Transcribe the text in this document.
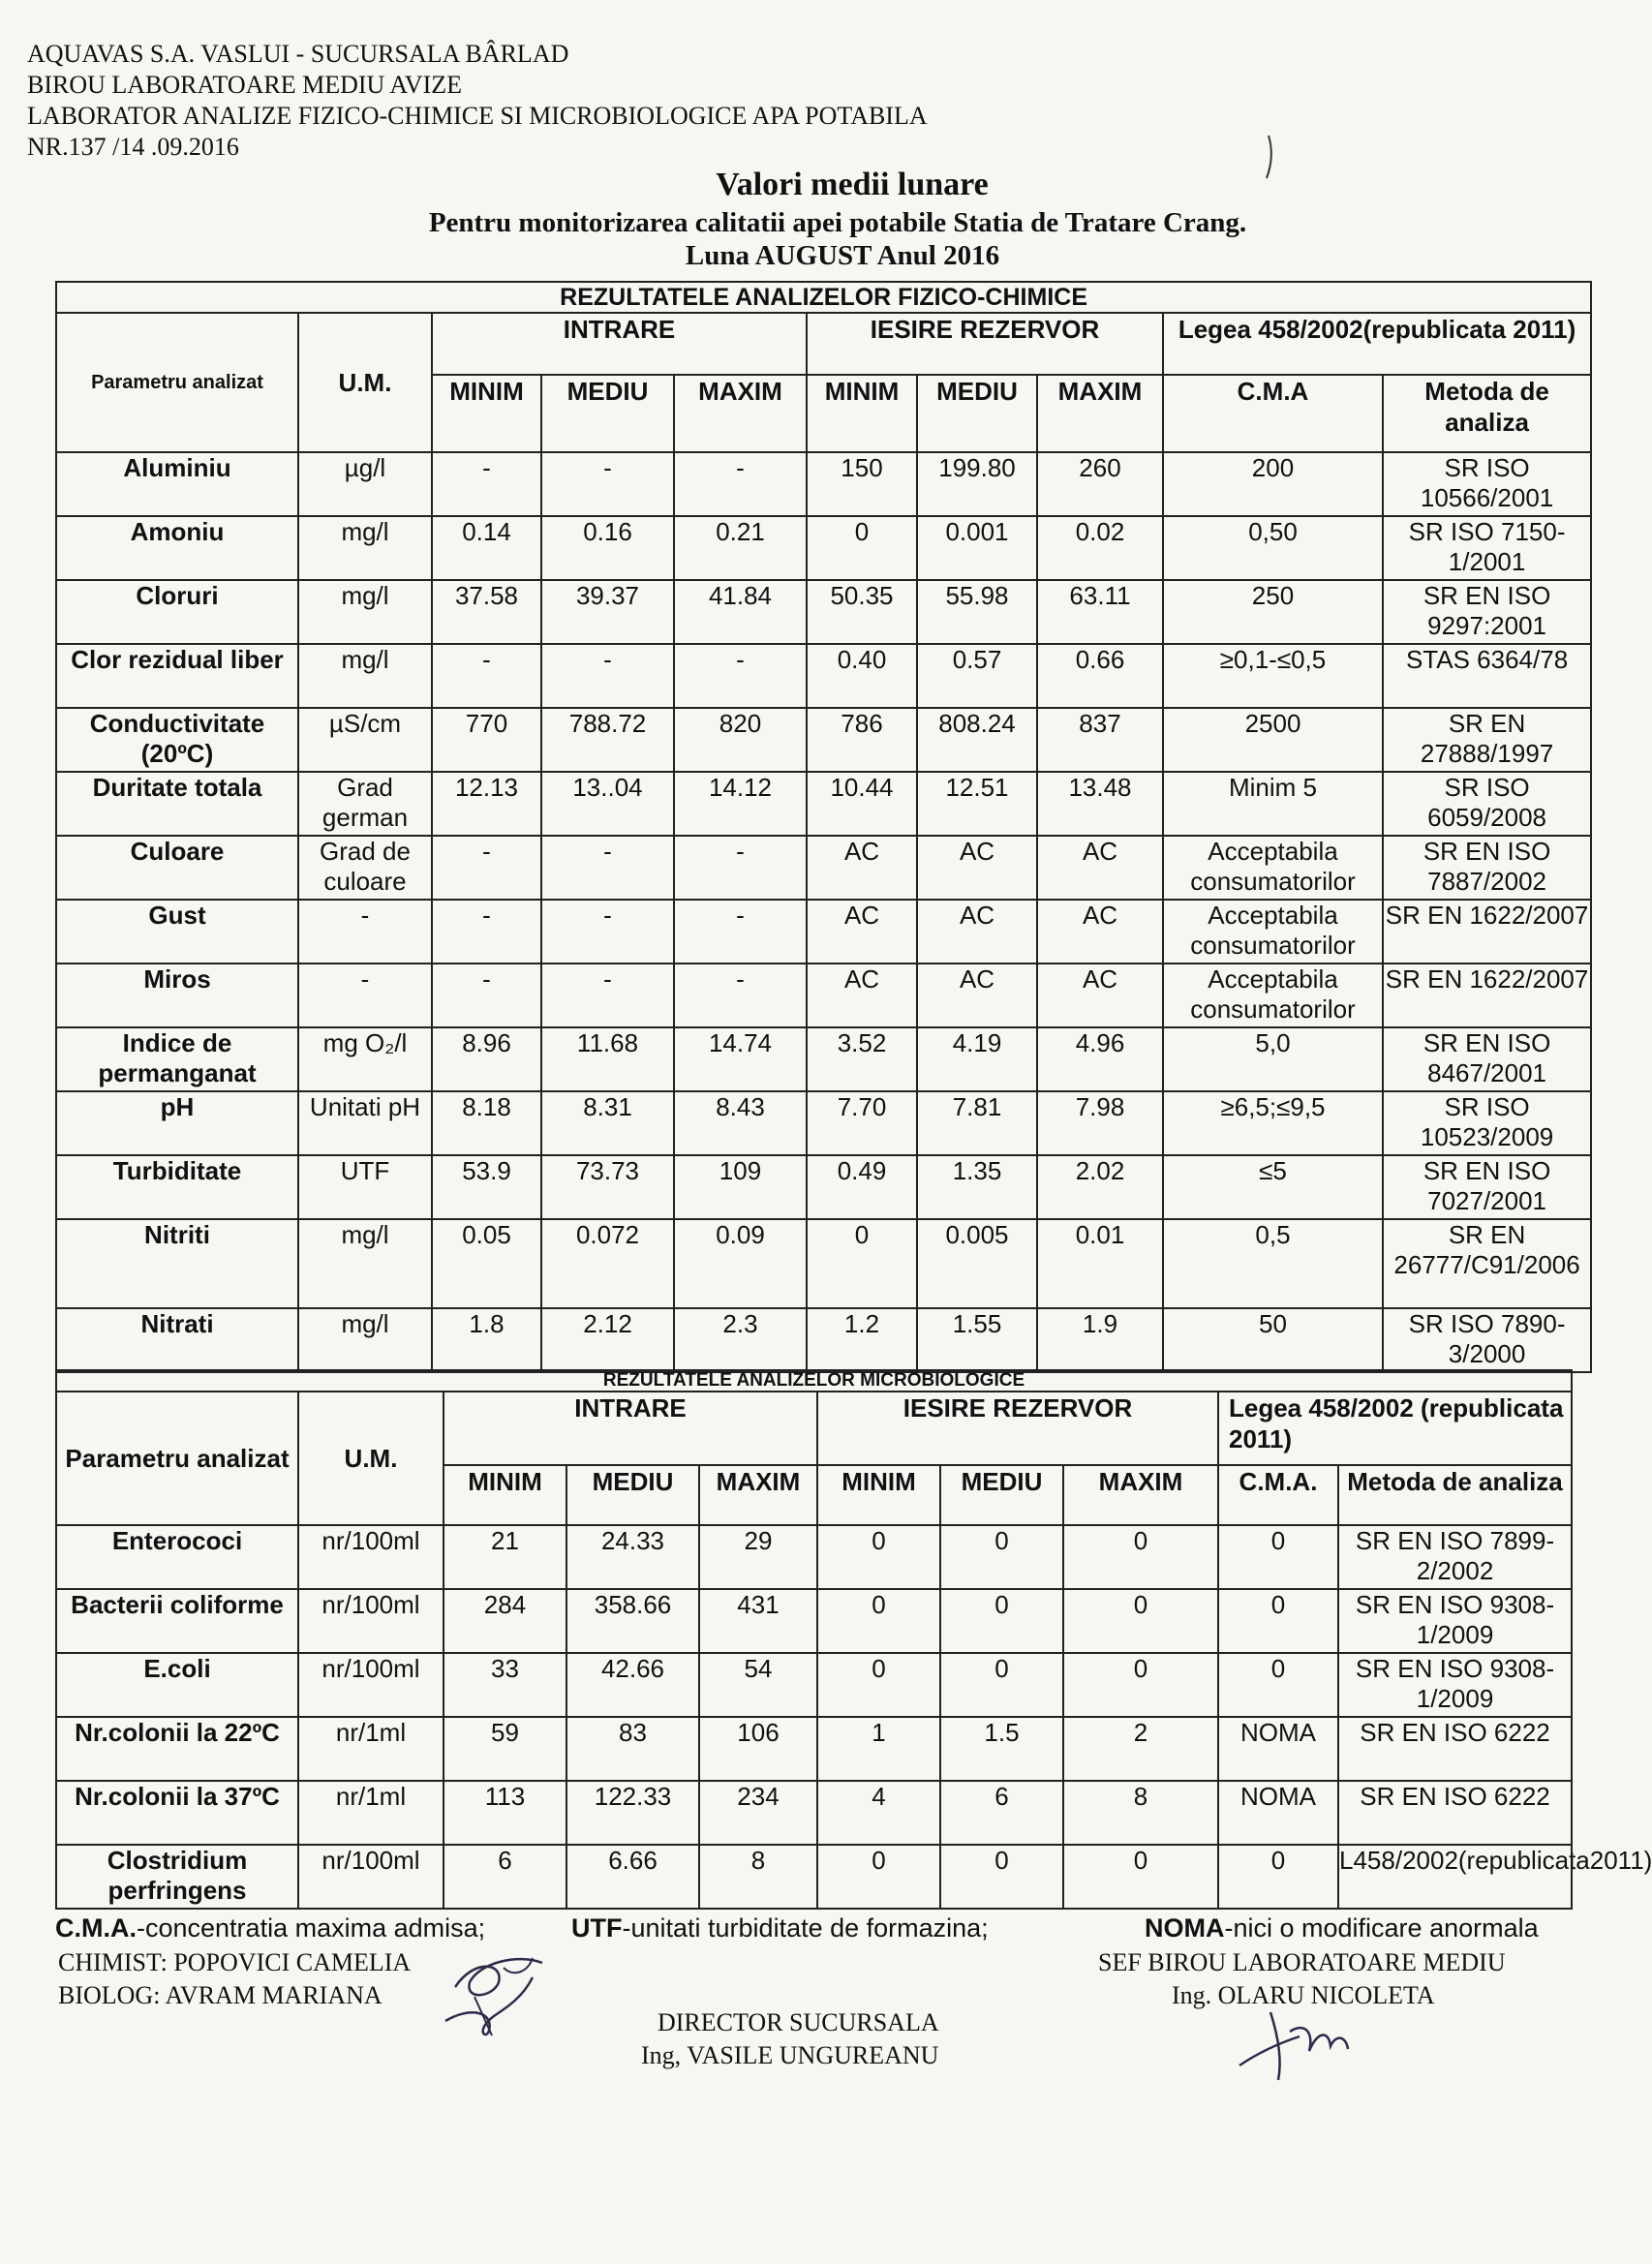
AQUAVAS S.A. VASLUI - SUCURSALA BÂRLAD
BIROU LABORATOARE MEDIU AVIZE
LABORATOR ANALIZE FIZICO-CHIMICE SI MICROBIOLOGICE APA POTABILA
NR.137 /14 .09.2016
Valori medii lunare
Pentru monitorizarea calitatii apei potabile Statia de Tratare Crang.
Luna AUGUST Anul 2016
REZULTATELE ANALIZELOR FIZICO-CHIMICE									
Parametru analizat	U.M.	INTRARE			IESIRE REZERVOR			Legea 458/2002(republicata 2011)	
		MINIM	MEDIU	MAXIM	MINIM	MEDIU	MAXIM	C.M.A	Metoda de analiza
Aluminiu	µg/l	-	-	-	150	199.80	260	200	SR ISO 10566/2001
Amoniu	mg/l	0.14	0.16	0.21	0	0.001	0.02	0,50	SR ISO 7150-1/2001
Cloruri	mg/l	37.58	39.37	41.84	50.35	55.98	63.11	250	SR EN ISO 9297:2001
Clor rezidual liber	mg/l	-	-	-	0.40	0.57	0.66	≥0,1-≤0,5	STAS 6364/78
Conductivitate (20ºC)	µS/cm	770	788.72	820	786	808.24	837	2500	SR EN 27888/1997
Duritate totala	Grad german	12.13	13..04	14.12	10.44	12.51	13.48	Minim 5	SR ISO 6059/2008
Culoare	Grad de culoare	-	-	-	AC	AC	AC	Acceptabila consumatorilor	SR EN ISO 7887/2002
Gust	-	-	-	-	AC	AC	AC	Acceptabila consumatorilor	SR EN 1622/2007
Miros	-	-	-	-	AC	AC	AC	Acceptabila consumatorilor	SR EN 1622/2007
Indice de permanganat	mg O₂/l	8.96	11.68	14.74	3.52	4.19	4.96	5,0	SR EN ISO 8467/2001
pH	Unitati pH	8.18	8.31	8.43	7.70	7.81	7.98	≥6,5;≤9,5	SR ISO 10523/2009
Turbiditate	UTF	53.9	73.73	109	0.49	1.35	2.02	≤5	SR EN ISO 7027/2001
Nitriti	mg/l	0.05	0.072	0.09	0	0.005	0.01	0,5	SR EN 26777/C91/2006
Nitrati	mg/l	1.8	2.12	2.3	1.2	1.55	1.9	50	SR ISO 7890-3/2000
REZULTATELE ANALIZELOR MICROBIOLOGICE									
Parametru analizat	U.M.	INTRARE			IESIRE REZERVOR			Legea 458/2002 (republicata 2011)	
		MINIM	MEDIU	MAXIM	MINIM	MEDIU	MAXIM	C.M.A.	Metoda de analiza
Enterococi	nr/100ml	21	24.33	29	0	0	0	0	SR EN ISO 7899-2/2002
Bacterii coliforme	nr/100ml	284	358.66	431	0	0	0	0	SR EN ISO 9308-1/2009
E.coli	nr/100ml	33	42.66	54	0	0	0	0	SR EN ISO 9308-1/2009
Nr.colonii la 22ºC	nr/1ml	59	83	106	1	1.5	2	NOMA	SR EN ISO 6222
Nr.colonii la 37ºC	nr/1ml	113	122.33	234	4	6	8	NOMA	SR EN ISO 6222
Clostridium perfringens	nr/100ml	6	6.66	8	0	0	0	0	L458/2002(republicata2011)
C.M.A.-concentratia maxima admisa;	UTF-unitati turbiditate de formazina;	NOMA-nici o modificare anormala
CHIMIST: POPOVICI CAMELIA
BIOLOG: AVRAM MARIANA
SEF BIROU LABORATOARE MEDIU
Ing. OLARU NICOLETA
DIRECTOR SUCURSALA
Ing, VASILE UNGUREANU
